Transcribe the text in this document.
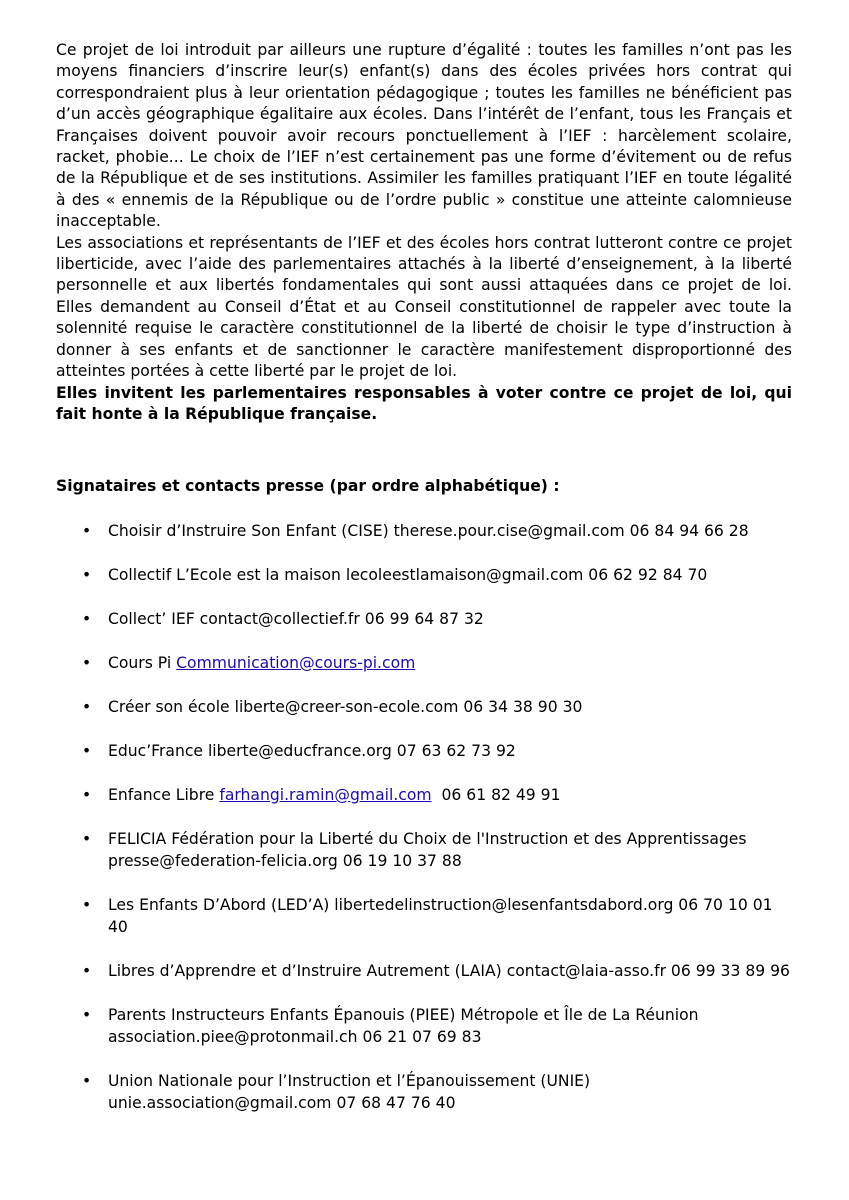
Ce projet de loi introduit par ailleurs une rupture d’égalité : toutes les familles n’ont pas les moyens financiers d’inscrire leur(s) enfant(s) dans des écoles privées hors contrat qui correspondraient plus à leur orientation pédagogique ; toutes les familles ne bénéficient pas d’un accès géographique égalitaire aux écoles. Dans l’intérêt de l’enfant, tous les Français et Françaises doivent pouvoir avoir recours ponctuellement à l’IEF : harcèlement scolaire, racket, phobie... Le choix de l’IEF n’est certainement pas une forme d’évitement ou de refus de la République et de ses institutions. Assimiler les familles pratiquant l’IEF en toute légalité à des « ennemis de la République ou de l’ordre public » constitue une atteinte calomnieuse inacceptable.

Les associations et représentants de l’IEF et des écoles hors contrat lutteront contre ce projet liberticide, avec l’aide des parlementaires attachés à la liberté d’enseignement, à la liberté personnelle et aux libertés fondamentales qui sont aussi attaquées dans ce projet de loi. Elles demandent au Conseil d’État et au Conseil constitutionnel de rappeler avec toute la solennité requise le caractère constitutionnel de la liberté de choisir le type d’instruction à donner à ses enfants et de sanctionner le caractère manifestement disproportionné des atteintes portées à cette liberté par le projet de loi.

Elles invitent les parlementaires responsables à voter contre ce projet de loi, qui fait honte à la République française.

Signataires et contacts presse (par ordre alphabétique) :
• Choisir d’Instruire Son Enfant (CISE) therese.pour.cise@gmail.com 06 84 94 66 28
• Collectif L’Ecole est la maison lecoleestlamaison@gmail.com 06 62 92 84 70
• Collect’ IEF contact@collectief.fr 06 99 64 87 32
• Cours Pi Communication@cours-pi.com
• Créer son école liberte@creer-son-ecole.com 06 34 38 90 30
• Educ’France liberte@educfrance.org 07 63 62 73 92
• Enfance Libre farhangi.ramin@gmail.com  06 61 82 49 91
• FELICIA Fédération pour la Liberté du Choix de l'Instruction et des Apprentissages
presse@federation-felicia.org 06 19 10 37 88
• Les Enfants D’Abord (LED’A) libertedelinstruction@lesenfantsdabord.org 06 70 10 01 40
• Libres d’Apprendre et d’Instruire Autrement (LAIA) contact@laia-asso.fr 06 99 33 89 96
• Parents Instructeurs Enfants Épanouis (PIEE) Métropole et Île de La Réunion
association.piee@protonmail.ch 06 21 07 69 83
• Union Nationale pour l’Instruction et l’Épanouissement (UNIE)
unie.association@gmail.com 07 68 47 76 40
